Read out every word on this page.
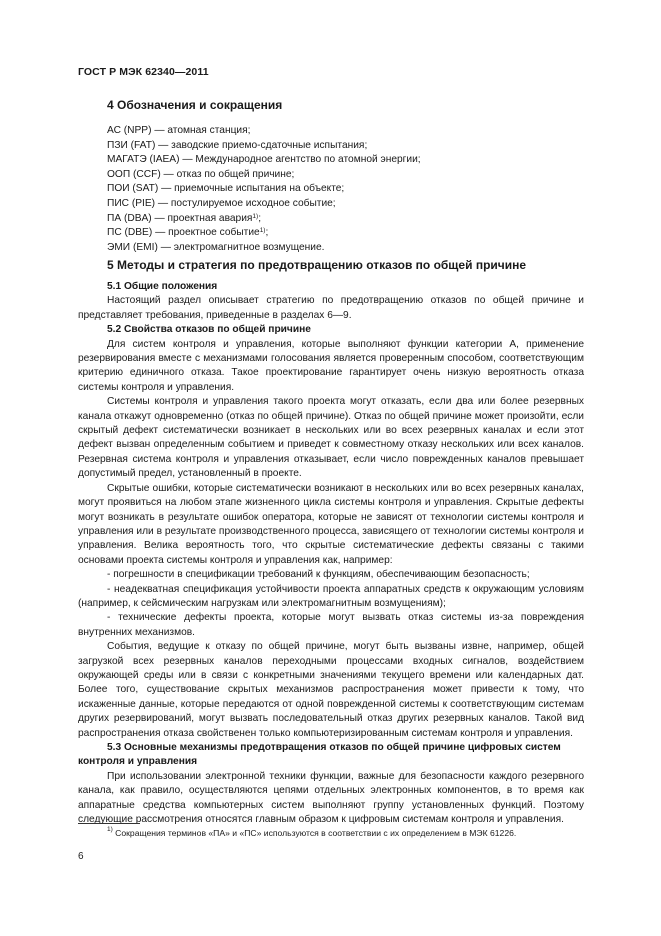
ГОСТ Р МЭК 62340—2011
4 Обозначения и сокращения
АС (NPP) — атомная станция;
ПЗИ (FAT) — заводские приемо-сдаточные испытания;
МАГАТЭ (IAEA) — Международное агентство по атомной энергии;
ООП (CCF) — отказ по общей причине;
ПОИ (SAT) — приемочные испытания на объекте;
ПИС (PIE) — постулируемое исходное событие;
ПА (DBA) — проектная авария$^{1)}$;
ПС (DBE) — проектное событие$^{1)}$;
ЭМИ (EMI) — электромагнитное возмущение.
5 Методы и стратегия по предотвращению отказов по общей причине
5.1 Общие положения

Настоящий раздел описывает стратегию по предотвращению отказов по общей причине и представляет требования, приведенные в разделах 6—9.

5.2 Свойства отказов по общей причине

Для систем контроля и управления, которые выполняют функции категории А, применение резервирования вместе с механизмами голосования является проверенным способом, соответствующим критерию единичного отказа. Такое проектирование гарантирует очень низкую вероятность отказа системы контроля и управления.

Системы контроля и управления такого проекта могут отказать, если два или более резервных канала откажут одновременно (отказ по общей причине). Отказ по общей причине может произойти, если скрытый дефект систематически возникает в нескольких или во всех резервных каналах и если этот дефект вызван определенным событием и приведет к совместному отказу нескольких или всех каналов. Резервная система контроля и управления отказывает, если число поврежденных каналов превышает допустимый предел, установленный в проекте.

Скрытые ошибки, которые систематически возникают в нескольких или во всех резервных каналах, могут проявиться на любом этапе жизненного цикла системы контроля и управления. Скрытые дефекты могут возникать в результате ошибок оператора, которые не зависят от технологии системы контроля и управления или в результате производственного процесса, зависящего от технологии системы контроля и управления. Велика вероятность того, что скрытые систематические дефекты связаны с такими основами проекта системы контроля и управления как, например:

- погрешности в спецификации требований к функциям, обеспечивающим безопасность;

- неадекватная спецификация устойчивости проекта аппаратных средств к окружающим условиям (например, к сейсмическим нагрузкам или электромагнитным возмущениям);

- технические дефекты проекта, которые могут вызвать отказ системы из-за повреждения внутренних механизмов.

События, ведущие к отказу по общей причине, могут быть вызваны извне, например, общей загрузкой всех резервных каналов переходными процессами входных сигналов, воздействием окружающей среды или в связи с конкретными значениями текущего времени или календарных дат. Более того, существование скрытых механизмов распространения может привести к тому, что искаженные данные, которые передаются от одной поврежденной системы к соответствующим системам других резервирований, могут вызвать последовательный отказ других резервных каналов. Такой вид распространения отказа свойственен только компьютеризированным системам контроля и управления.

5.3 Основные механизмы предотвращения отказов по общей причине цифровых систем контроля и управления

При использовании электронной техники функции, важные для безопасности каждого резервного канала, как правило, осуществляются цепями отдельных электронных компонентов, в то время как аппаратные средства компьютерных систем выполняют группу установленных функций. Поэтому следующие рассмотрения относятся главным образом к цифровым системам контроля и управления.

$^{1)}$ Сокращения терминов «ПА» и «ПС» используются в соответствии с их определением в МЭК 61226.
6
